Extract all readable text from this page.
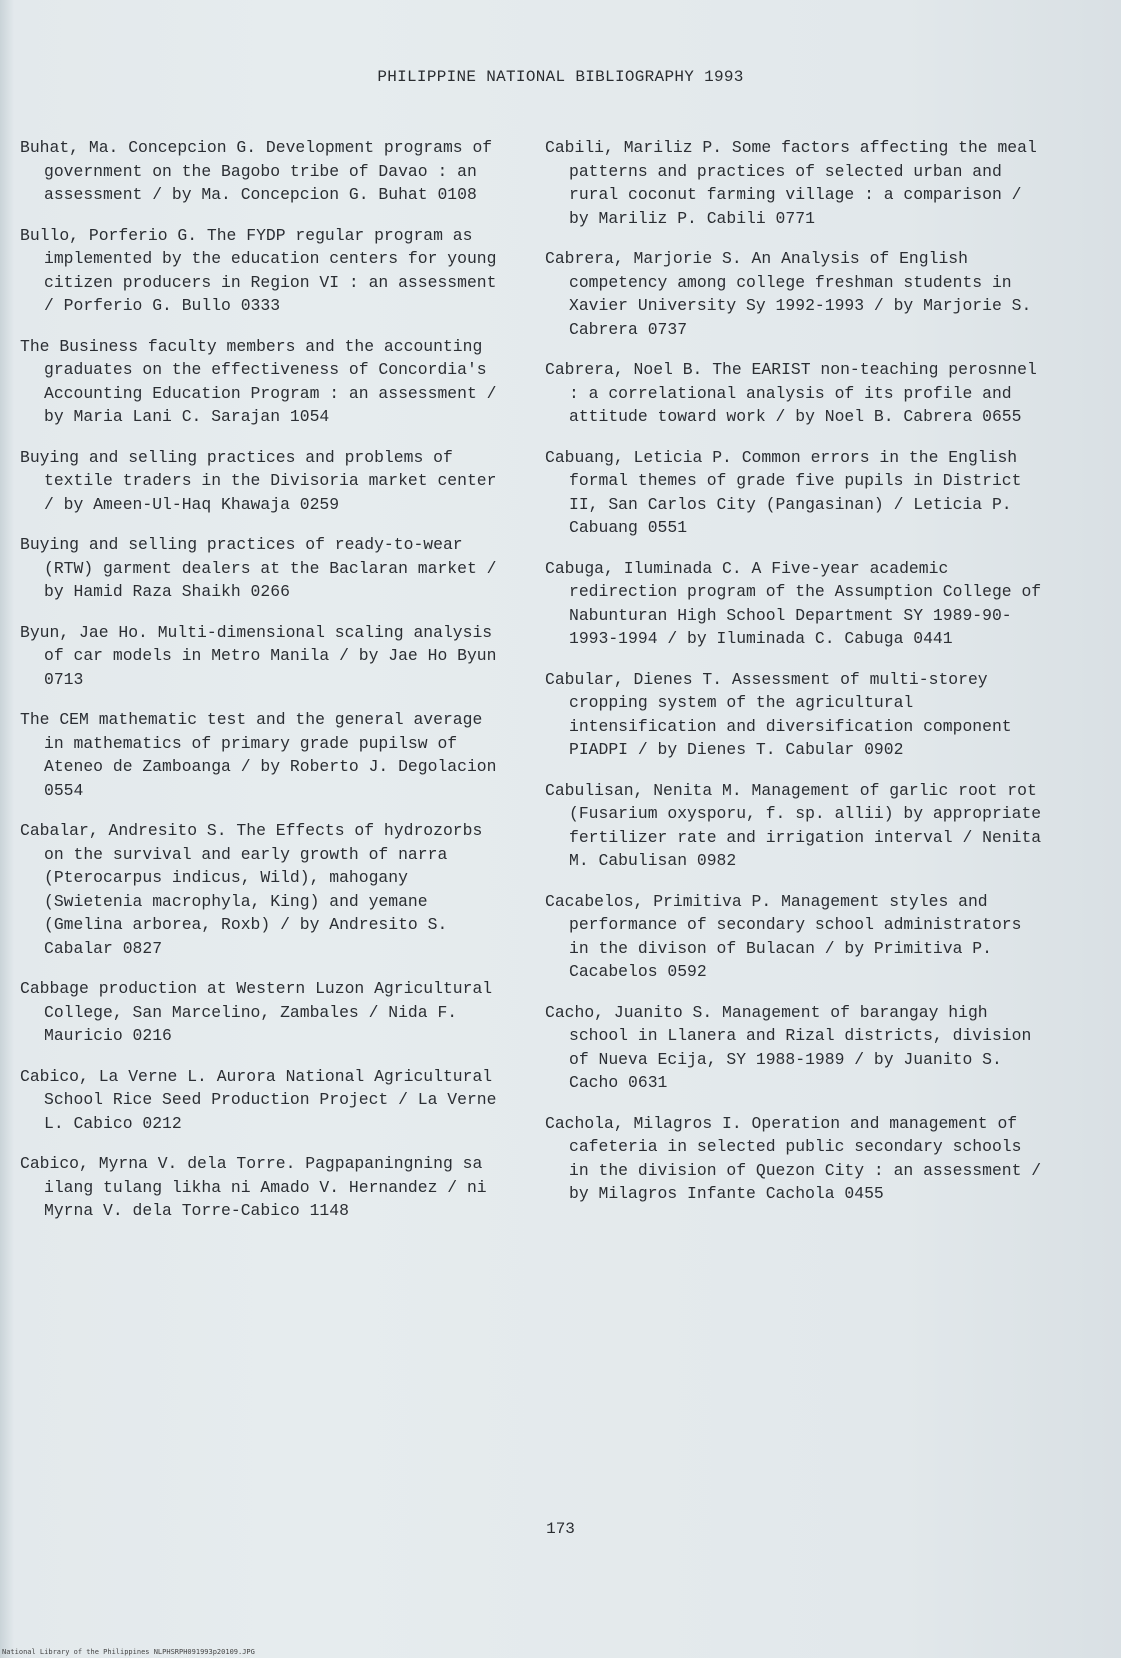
PHILIPPINE NATIONAL BIBLIOGRAPHY 1993
Buhat, Ma. Concepcion G. Development programs of government on the Bagobo tribe of Davao : an assessment / by Ma. Concepcion G. Buhat 0108
Bullo, Porferio G. The FYDP regular program as implemented by the education centers for young citizen producers in Region VI : an assessment / Porferio G. Bullo 0333
The Business faculty members and the accounting graduates on the effectiveness of Concordia's Accounting Education Program : an assessment / by Maria Lani C. Sarajan 1054
Buying and selling practices and problems of textile traders in the Divisoria market center / by Ameen-Ul-Haq Khawaja 0259
Buying and selling practices of ready-to-wear (RTW) garment dealers at the Baclaran market / by Hamid Raza Shaikh 0266
Byun, Jae Ho. Multi-dimensional scaling analysis of car models in Metro Manila / by Jae Ho Byun 0713
The CEM mathematic test and the general average in mathematics of primary grade pupilsw of Ateneo de Zamboanga / by Roberto J. Degolacion 0554
Cabalar, Andresito S. The Effects of hydrozorbs on the survival and early growth of narra (Pterocarpus indicus, Wild), mahogany (Swietenia macrophyla, King) and yemane (Gmelina arborea, Roxb) / by Andresito S. Cabalar 0827
Cabbage production at Western Luzon Agricultural College, San Marcelino, Zambales / Nida F. Mauricio 0216
Cabico, La Verne L. Aurora National Agricultural School Rice Seed Production Project / La Verne L. Cabico 0212
Cabico, Myrna V. dela Torre. Pagpapaningning sa ilang tulang likha ni Amado V. Hernandez / ni Myrna V. dela Torre-Cabico 1148
Cabili, Mariliz P. Some factors affecting the meal patterns and practices of selected urban and rural coconut farming village : a comparison / by Mariliz P. Cabili 0771
Cabrera, Marjorie S. An Analysis of English competency among college freshman students in Xavier University Sy 1992-1993 / by Marjorie S. Cabrera 0737
Cabrera, Noel B. The EARIST non-teaching perosnnel : a correlational analysis of its profile and attitude toward work / by Noel B. Cabrera 0655
Cabuang, Leticia P. Common errors in the English formal themes of grade five pupils in District II, San Carlos City (Pangasinan) / Leticia P. Cabuang 0551
Cabuga, Iluminada C. A Five-year academic redirection program of the Assumption College of Nabunturan High School Department SY 1989-90-1993-1994 / by Iluminada C. Cabuga 0441
Cabular, Dienes T. Assessment of multi-storey cropping system of the agricultural intensification and diversification component PIADPI / by Dienes T. Cabular 0902
Cabulisan, Nenita M. Management of garlic root rot (Fusarium oxysporu, f. sp. allii) by appropriate fertilizer rate and irrigation interval / Nenita M. Cabulisan 0982
Cacabelos, Primitiva P. Management styles and performance of secondary school administrators in the divison of Bulacan / by Primitiva P. Cacabelos 0592
Cacho, Juanito S. Management of barangay high school in Llanera and Rizal districts, division of Nueva Ecija, SY 1988-1989 / by Juanito S. Cacho 0631
Cachola, Milagros I. Operation and management of cafeteria in selected public secondary schools in the division of Quezon City : an assessment / by Milagros Infante Cachola 0455
173
National Library of the Philippines NLPHSRPH091993p20109.JPG
